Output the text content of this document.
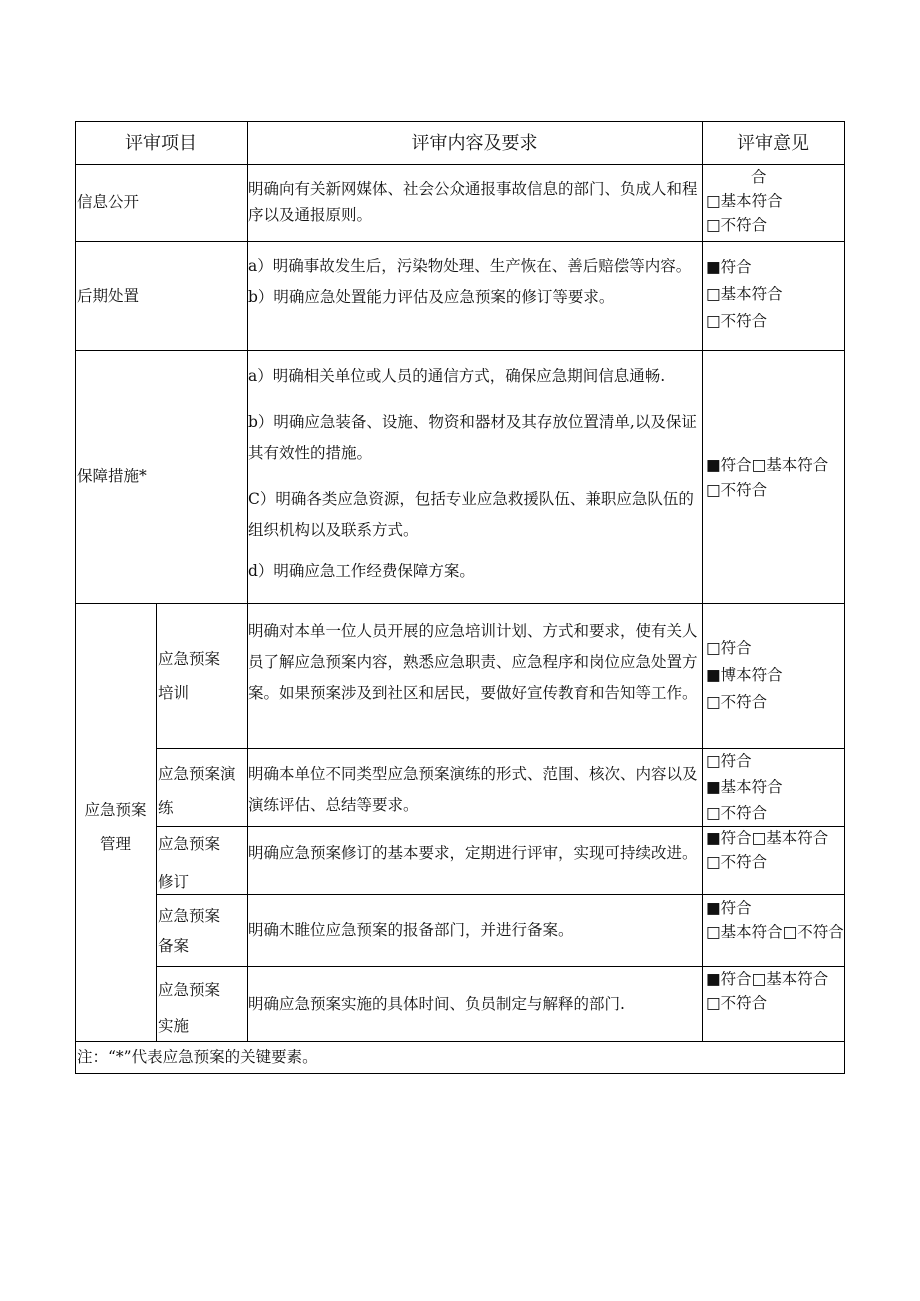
评审项目	评审内容及要求	评审意见
信息公开
明确向有关新网媒体、社会公众通报事故信息的部门、负成人和程序以及通报原则。
合
□基本符合
□不符合
后期处置
a）明确事故发生后，污染物处理、生产恢在、善后赔偿等内容。
b）明确应急处置能力评估及应急预案的修订等要求。
■符合
□基本符合
□不符合
保障措施*
a）明确相关单位或人员的通信方式，确保应急期间信息通畅.
b）明确应急装备、设施、物资和器材及其存放位置清单,以及保证其有效性的措施。
C）明确各类应急资源，包括专业应急救援队伍、兼职应急队伍的组织机构以及联系方式。
d）明确应急工作经费保障方案。
■符合□基本符合
□不符合
应急预案
管理
应急预案培训
明确对本单一位人员开展的应急培训计划、方式和要求，使有关人员了解应急预案内容，熟悉应急职责、应急程序和岗位应急处置方案。如果预案涉及到社区和居民，要做好宣传教育和告知等工作。
□符合
■博本符合
□不符合
应急预案演练
明确本单位不同类型应急预案演练的形式、范围、核次、内容以及演练评估、总结等要求。
□符合
■基本符合
□不符合
应急预案修订
明确应急预案修订的基本要求，定期进行评审，实现可持续改进。
■符合□基本符合
□不符合
应急预案备案
明确木睢位应急预案的报备部门，并进行备案。
■符合
□基本符合□不符合
应急预案实施
明确应急预案实施的具体时间、负员制定与解释的部门.
■符合□基本符合
□不符合
注：“*”代表应急预案的关键要素。
